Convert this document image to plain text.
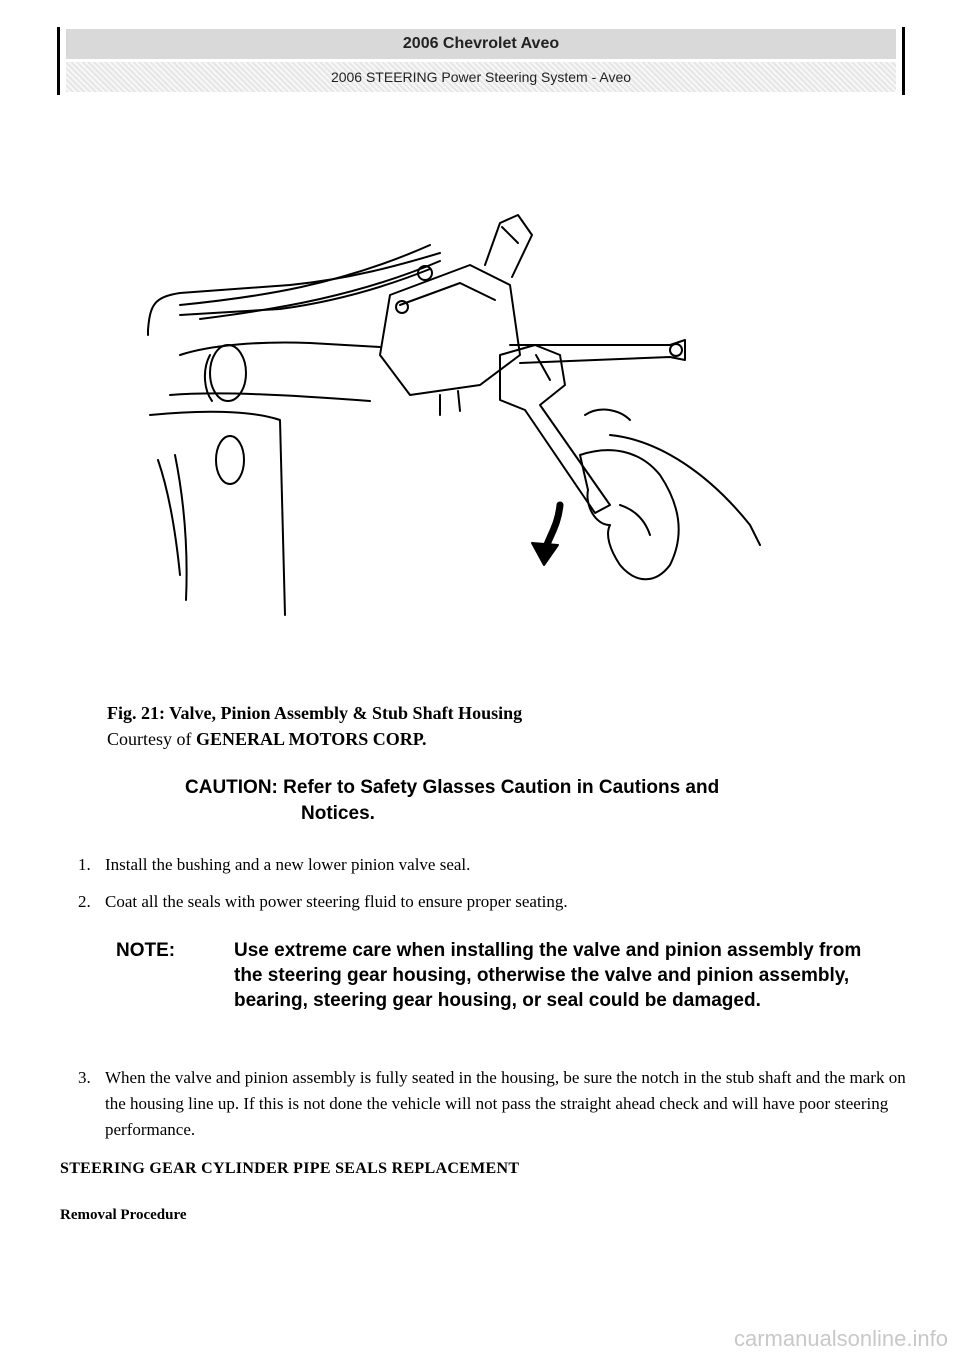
2006 Chevrolet Aveo
2006 STEERING Power Steering System - Aveo
Fig. 21: Valve, Pinion Assembly & Stub Shaft Housing
Courtesy of GENERAL MOTORS CORP.
CAUTION: Refer to Safety Glasses Caution in Cautions and
Notices.
1. Install the bushing and a new lower pinion valve seal.
2. Coat all the seals with power steering fluid to ensure proper seating.
NOTE:	Use extreme care when installing the valve and pinion assembly from the steering gear housing, otherwise the valve and pinion assembly, bearing, steering gear housing, or seal could be damaged.
3. When the valve and pinion assembly is fully seated in the housing, be sure the notch in the stub shaft and the mark on the housing line up. If this is not done the vehicle will not pass the straight ahead check and will have poor steering performance.
STEERING GEAR CYLINDER PIPE SEALS REPLACEMENT
Removal Procedure
carmanualsonline.info
